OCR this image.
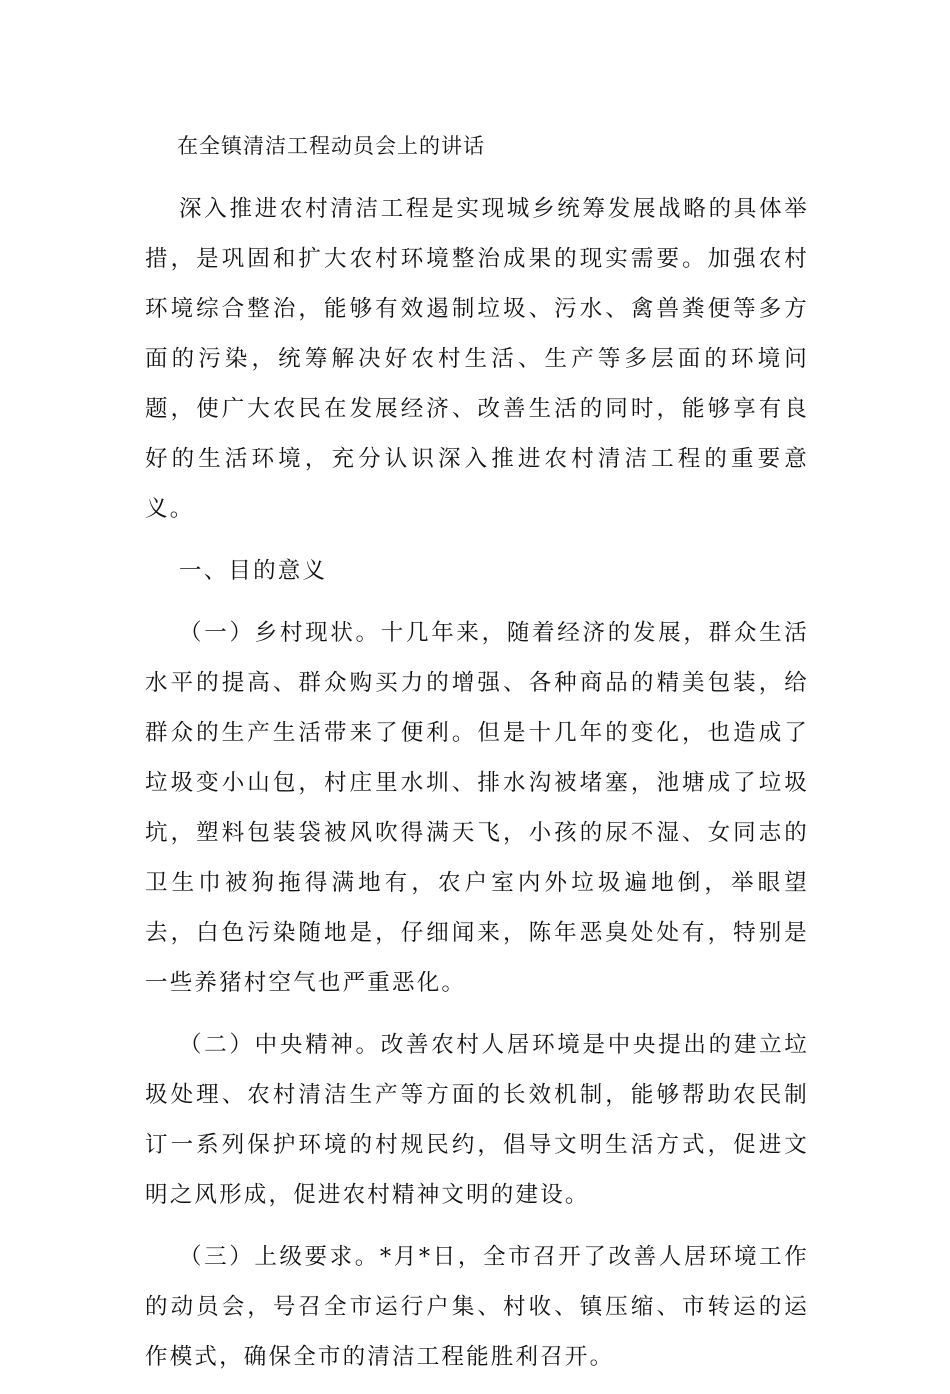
在全镇清洁工程动员会上的讲话

深入推进农村清洁工程是实现城乡统筹发展战略的具体举措，是巩固和扩大农村环境整治成果的现实需要。加强农村环境综合整治，能够有效遏制垃圾、污水、禽兽粪便等多方面的污染，统筹解决好农村生活、生产等多层面的环境问题，使广大农民在发展经济、改善生活的同时，能够享有良好的生活环境，充分认识深入推进农村清洁工程的重要意义。

一、目的意义

（一）乡村现状。十几年来，随着经济的发展，群众生活水平的提高、群众购买力的增强、各种商品的精美包装，给群众的生产生活带来了便利。但是十几年的变化，也造成了垃圾变小山包，村庄里水圳、排水沟被堵塞，池塘成了垃圾坑，塑料包装袋被风吹得满天飞，小孩的尿不湿、女同志的卫生巾被狗拖得满地有，农户室内外垃圾遍地倒，举眼望去，白色污染随地是，仔细闻来，陈年恶臭处处有，特别是一些养猪村空气也严重恶化。

（二）中央精神。改善农村人居环境是中央提出的建立垃圾处理、农村清洁生产等方面的长效机制，能够帮助农民制订一系列保护环境的村规民约，倡导文明生活方式，促进文明之风形成，促进农村精神文明的建设。

（三）上级要求。*月*日，全市召开了改善人居环境工作的动员会，号召全市运行户集、村收、镇压缩、市转运的运作模式，确保全市的清洁工程能胜利召开。
